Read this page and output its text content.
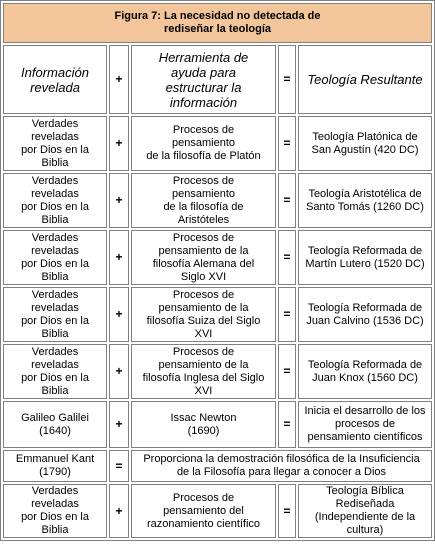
Figura 7: La necesidad no detectada de
rediseñar la teología				
Información
revelada	+	Herramienta de
ayuda para
estructurar la
información	=	Teología Resultante
Verdades
reveladas
por Dios en la
Biblia	+	Procesos de
pensamiento
de la filosofía de Platón	=	Teología Platónica de
San Agustín (420 DC)
Verdades
reveladas
por Dios en la
Biblia	+	Procesos de
pensamiento
de la filosofía de
Aristóteles	=	Teología Aristotélica de
Santo Tomás (1260 DC)
Verdades
reveladas
por Dios en la
Biblia	+	Procesos de
pensamiento de la
filosofía Alemana del
Siglo XVI	=	Teología Reformada de
Martín Lutero (1520 DC)
Verdades
reveladas
por Dios en la
Biblia	+	Procesos de
pensamiento de la
filosofía Suiza del Siglo
XVI	=	Teología Reformada de
Juan Calvino (1536 DC)
Verdades
reveladas
por Dios en la
Biblia	+	Procesos de
pensamiento de la
filosofía Inglesa del Siglo
XVI	=	Teología Reformada de
Juan Knox (1560 DC)
Galileo Galilei
(1640)	+	Issac Newton
(1690)	=	Inicia el desarrollo de los
procesos de
pensamiento científicos
Emmanuel Kant
(1790)	=	Proporciona la demostración filosófica de la Insuficiencia
de la Filosofía para llegar a conocer a Dios		
Verdades
reveladas
por Dios en la
Biblia	+	Procesos de
pensamiento del
razonamiento científico	=	Teología Bíblica
Rediseñada
(Independiente de la
cultura)
